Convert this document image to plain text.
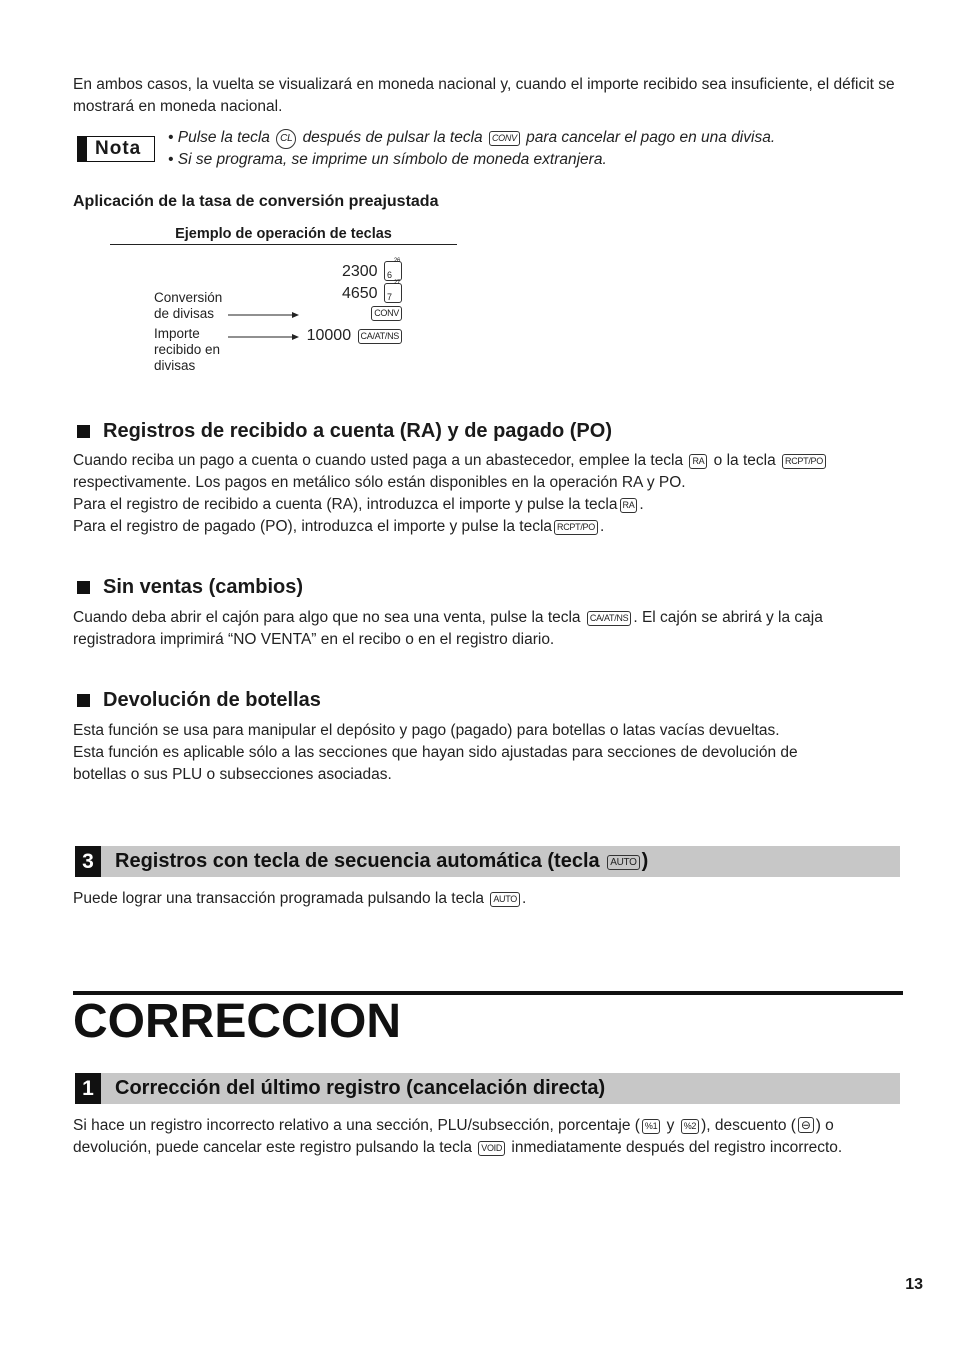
En ambos casos, la vuelta se visualizará en moneda nacional y, cuando el importe recibido sea insuficiente, el déficit se mostrará en moneda nacional.
Nota
• Pulse la tecla CL después de pulsar la tecla CONV para cancelar el pago en una divisa.
• Si se programa, se imprime un símbolo de moneda extranjera.
Aplicación de la tasa de conversión preajustada
Ejemplo de operación de teclas
Conversión
de divisas
Importe
recibido en
divisas
2300 6
26
4650 7
27
CONV
10000 CA/AT/NS
Registros de recibido a cuenta (RA) y de pagado (PO)
Cuando reciba un pago a cuenta o cuando usted paga a un abastecedor, emplee la tecla RA o la tecla RCPT/PO
respectivamente. Los pagos en metálico sólo están disponibles en la operación RA y PO.
Para el registro de recibido a cuenta (RA), introduzca el importe y pulse la tecla RA .
Para el registro de pagado (PO), introduzca el importe y pulse la tecla RCPT/PO .
Sin ventas (cambios)
Cuando deba abrir el cajón para algo que no sea una venta, pulse la tecla CA/AT/NS . El cajón se abrirá y la caja
registradora imprimirá “NO VENTA” en el recibo o en el registro diario.
Devolución de botellas
Esta función se usa para manipular el depósito y pago (pagado) para botellas o latas vacías devueltas.
Esta función es aplicable sólo a las secciones que hayan sido ajustadas para secciones de devolución de
botellas o sus PLU o subsecciones asociadas.
3	Registros con tecla de secuencia automática (tecla AUTO )
Puede lograr una transacción programada pulsando la tecla AUTO .
CORRECCION
1	Corrección del último registro (cancelación directa)
Si hace un registro incorrecto relativo a una sección, PLU/subsección, porcentaje ( %1 y %2 ), descuento ( ⊖ ) o
devolución, puede cancelar este registro pulsando la tecla VOID inmediatamente después del registro incorrecto.
13
